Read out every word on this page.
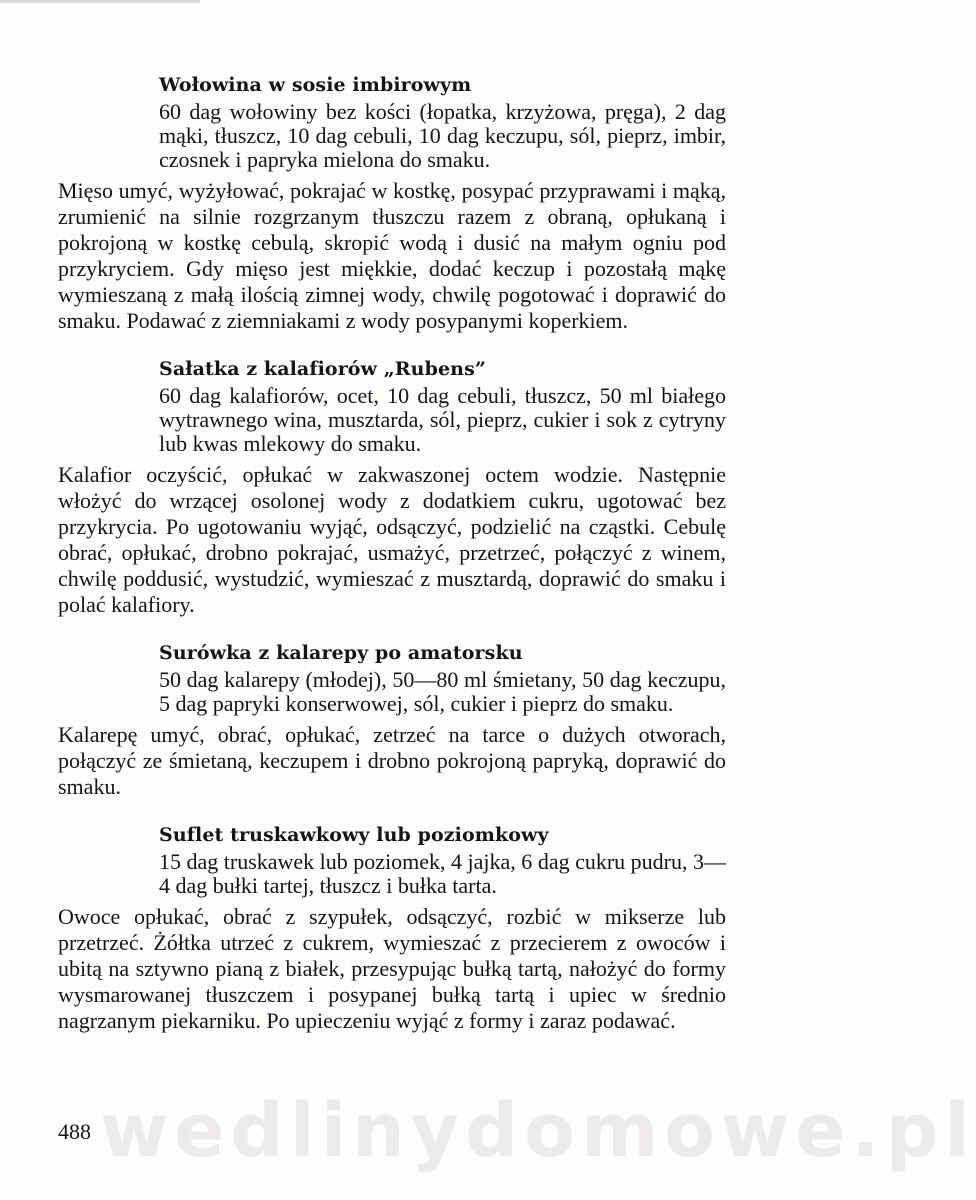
wedlinydomowe.pl
Wołowina w sosie imbirowym
60 dag wołowiny bez kości (łopatka, krzyżowa, pręga), 2 dag mąki, tłuszcz, 10 dag cebuli, 10 dag keczupu, sól, pieprz, imbir, czosnek i papryka mielona do smaku.
Mięso umyć, wyżyłować, pokrajać w kostkę, posypać przyprawami i mąką, zrumienić na silnie rozgrzanym tłuszczu razem z obraną, opłukaną i pokrojoną w kostkę cebulą, skropić wodą i dusić na małym ogniu pod przykryciem. Gdy mięso jest miękkie, dodać keczup i pozostałą mąkę wymieszaną z małą ilością zimnej wody, chwilę pogotować i doprawić do smaku. Podawać z ziemniakami z wody posypanymi koperkiem.
Sałatka z kalafiorów „Rubens”
60 dag kalafiorów, ocet, 10 dag cebuli, tłuszcz, 50 ml białego wytrawnego wina, musztarda, sól, pieprz, cukier i sok z cytryny lub kwas mlekowy do smaku.
Kalafior oczyścić, opłukać w zakwaszonej octem wodzie. Następnie włożyć do wrzącej osolonej wody z dodatkiem cukru, ugotować bez przykrycia. Po ugotowaniu wyjąć, odsączyć, podzielić na cząstki. Cebulę obrać, opłukać, drobno pokrajać, usmażyć, przetrzeć, połączyć z winem, chwilę poddusić, wystudzić, wymieszać z musztardą, doprawić do smaku i polać kalafiory.
Surówka z kalarepy po amatorsku
50 dag kalarepy (młodej), 50—80 ml śmietany, 50 dag keczupu, 5 dag papryki konserwowej, sól, cukier i pieprz do smaku.
Kalarepę umyć, obrać, opłukać, zetrzeć na tarce o dużych otworach, połączyć ze śmietaną, keczupem i drobno pokrojoną papryką, doprawić do smaku.
Suflet truskawkowy lub poziomkowy
15 dag truskawek lub poziomek, 4 jajka, 6 dag cukru pudru, 3—4 dag bułki tartej, tłuszcz i bułka tarta.
Owoce opłukać, obrać z szypułek, odsączyć, rozbić w mikserze lub przetrzeć. Żółtka utrzeć z cukrem, wymieszać z przecierem z owoców i ubitą na sztywno pianą z białek, przesypując bułką tartą, nałożyć do formy wysmarowanej tłuszczem i posypanej bułką tartą i upiec w średnio nagrzanym piekarniku. Po upieczeniu wyjąć z formy i zaraz podawać.
488
